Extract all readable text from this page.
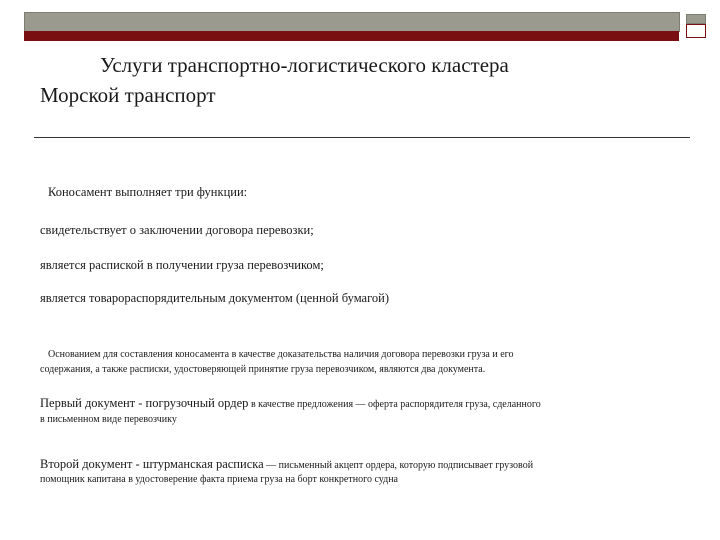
Услуги транспортно-логистического кластера
Морской транспорт
Коносамент выполняет три функции:
свидетельствует о заключении договора перевозки;
является распиской в получении груза перевозчиком;
является товарораспорядительным документом (ценной бумагой)
Основанием для составления коносамента в качестве доказательства наличия договора перевозки груза и его
содержания, а также расписки, удостоверяющей принятие груза перевозчиком, являются два документа.
Первый документ - погрузочный ордер в качестве предложения — оферта распорядителя груза, сделанного
в письменном виде перевозчику
Второй документ - штурманская расписка — письменный акцепт ордера, которую подписывает грузовой
помощник капитана в удостоверение факта приема груза на борт конкретного судна
